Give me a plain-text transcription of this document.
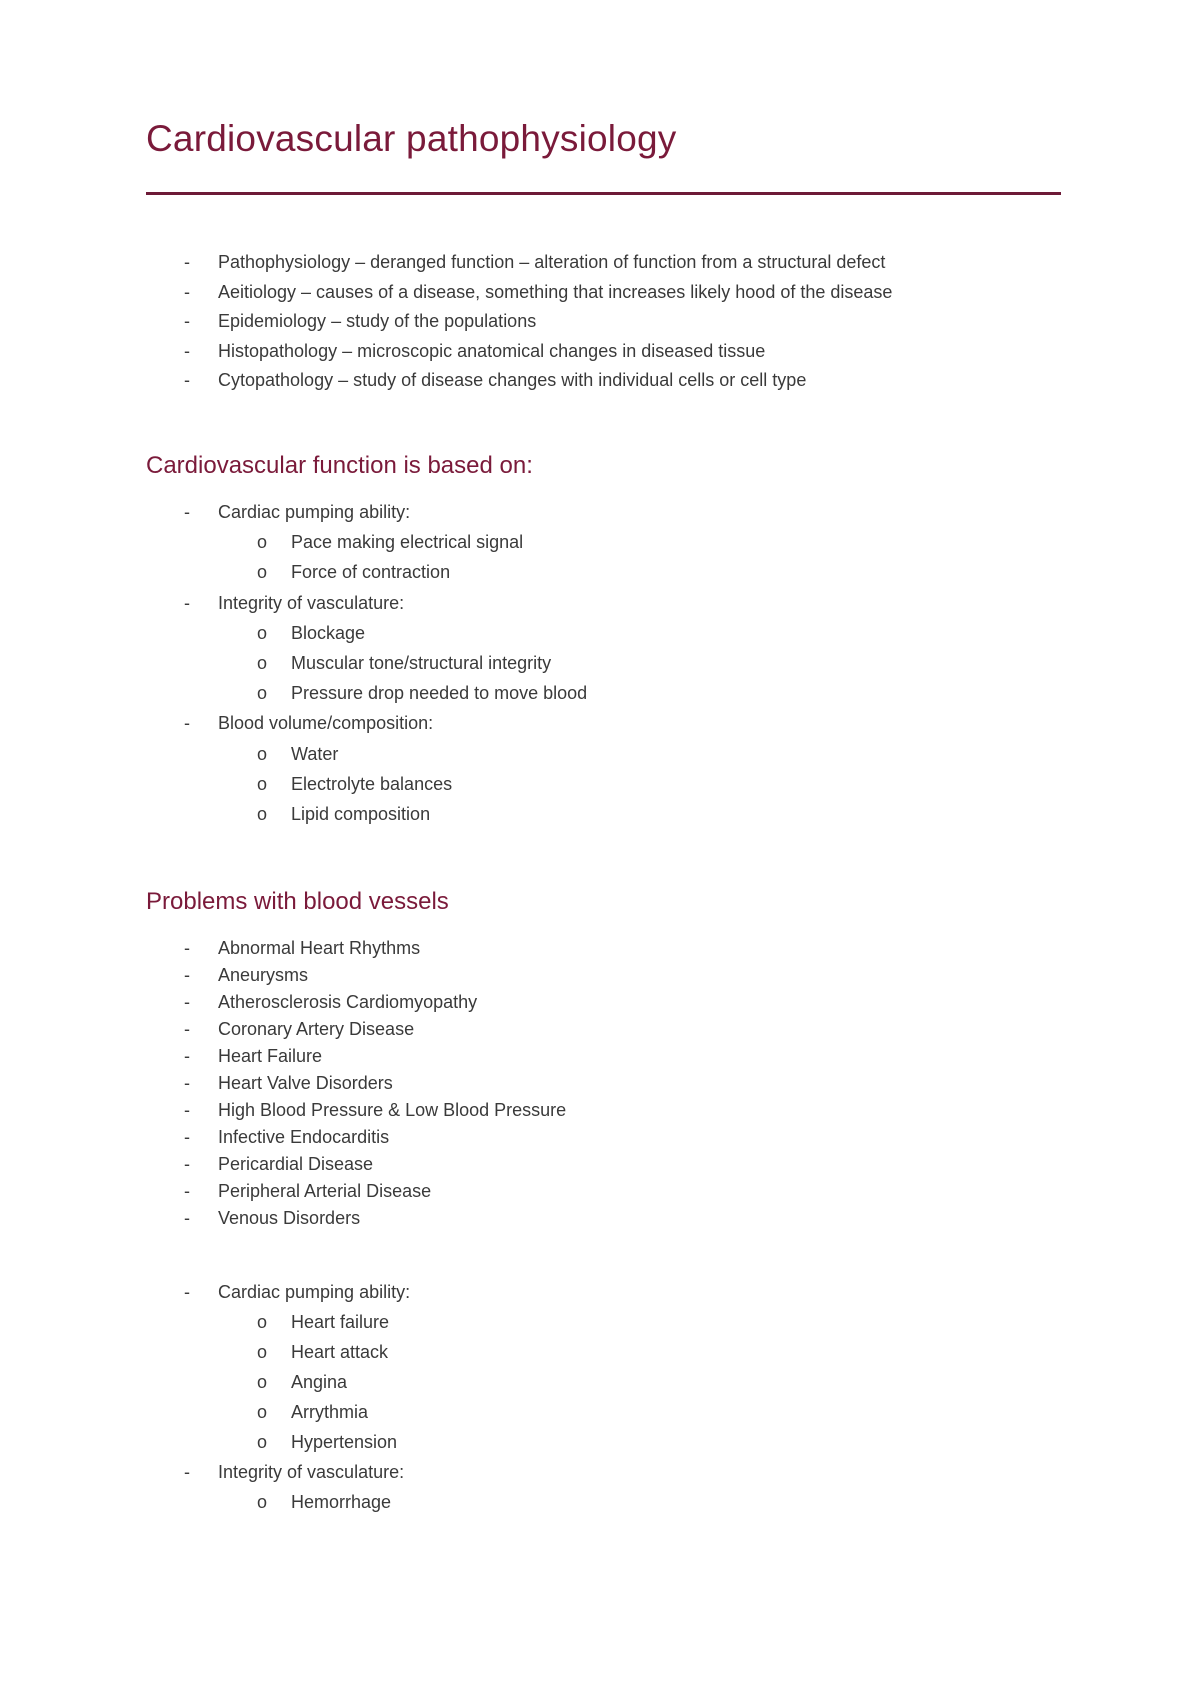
Cardiovascular pathophysiology
- Pathophysiology – deranged function – alteration of function from a structural defect
- Aeitiology – causes of a disease, something that increases likely hood of the disease
- Epidemiology – study of the populations
- Histopathology – microscopic anatomical changes in diseased tissue
- Cytopathology – study of disease changes with individual cells or cell type
Cardiovascular function is based on:
- Cardiac pumping ability:
o Pace making electrical signal
o Force of contraction
- Integrity of vasculature:
o Blockage
o Muscular tone/structural integrity
o Pressure drop needed to move blood
- Blood volume/composition:
o Water
o Electrolyte balances
o Lipid composition
Problems with blood vessels
- Abnormal Heart Rhythms
- Aneurysms
- Atherosclerosis Cardiomyopathy
- Coronary Artery Disease
- Heart Failure
- Heart Valve Disorders
- High Blood Pressure & Low Blood Pressure
- Infective Endocarditis
- Pericardial Disease
- Peripheral Arterial Disease
- Venous Disorders
- Cardiac pumping ability:
o Heart failure
o Heart attack
o Angina
o Arrythmia
o Hypertension
- Integrity of vasculature:
o Hemorrhage
